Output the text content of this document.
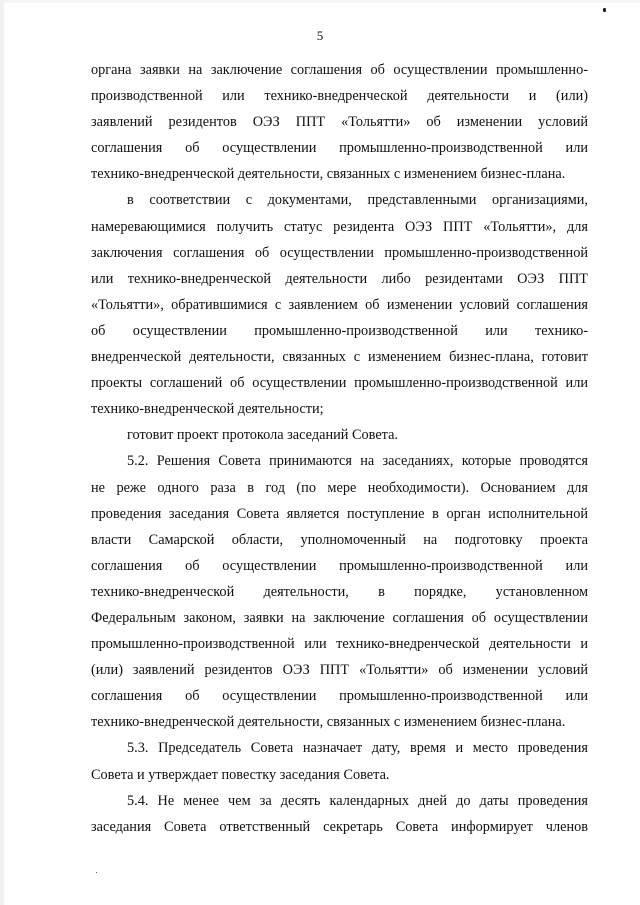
5

органа заявки на заключение соглашения об осуществлении промышленно-

производственной или технико-внедренческой деятельности и (или)

заявлений резидентов ОЭЗ ППТ «Тольятти» об изменении условий

соглашения об осуществлении промышленно-производственной или

технико-внедренческой деятельности, связанных с изменением бизнес-плана.

в соответствии с документами, представленными организациями,

намеревающимися получить статус резидента ОЭЗ ППТ «Тольятти», для

заключения соглашения об осуществлении промышленно-производственной

или технико-внедренческой деятельности либо резидентами ОЭЗ ППТ

«Тольятти», обратившимися с заявлением об изменении условий соглашения

об осуществлении промышленно-производственной или технико-

внедренческой деятельности, связанных с изменением бизнес-плана, готовит

проекты соглашений об осуществлении промышленно-производственной или

технико-внедренческой деятельности;

готовит проект протокола заседаний Совета.

5.2. Решения Совета принимаются на заседаниях, которые проводятся

не реже одного раза в год (по мере необходимости). Основанием для

проведения заседания Совета является поступление в орган исполнительной

власти Самарской области, уполномоченный на подготовку проекта

соглашения об осуществлении промышленно-производственной или

технико-внедренческой деятельности, в порядке, установленном

Федеральным законом, заявки на заключение соглашения об осуществлении

промышленно-производственной или технико-внедренческой деятельности и

(или) заявлений резидентов ОЭЗ ППТ «Тольятти» об изменении условий

соглашения об осуществлении промышленно-производственной или

технико-внедренческой деятельности, связанных с изменением бизнес-плана.

5.3. Председатель Совета назначает дату, время и место проведения

Совета и утверждает повестку заседания Совета.

5.4. Не менее чем за десять календарных дней до даты проведения

заседания Совета ответственный секретарь Совета информирует членов
